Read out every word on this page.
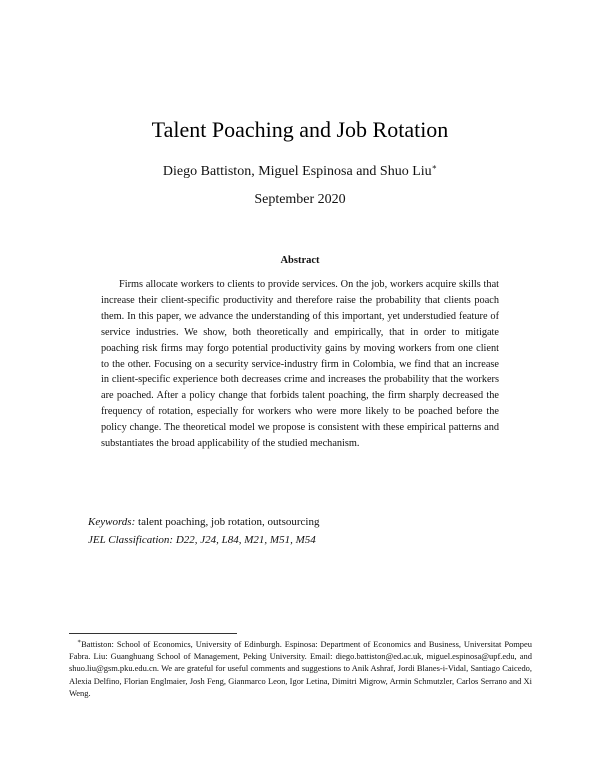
Talent Poaching and Job Rotation
Diego Battiston, Miguel Espinosa and Shuo Liu∗
September 2020
Abstract

Firms allocate workers to clients to provide services. On the job, workers acquire skills that increase their client-specific productivity and therefore raise the probability that clients poach them. In this paper, we advance the understanding of this important, yet understudied feature of service industries. We show, both theoretically and empirically, that in order to mitigate poaching risk firms may forgo potential productivity gains by moving workers from one client to the other. Focusing on a security service-industry firm in Colombia, we find that an increase in client-specific experience both decreases crime and increases the probability that the workers are poached. After a policy change that forbids talent poaching, the firm sharply decreased the frequency of rotation, especially for workers who were more likely to be poached before the policy change. The theoretical model we propose is consistent with these empirical patterns and substantiates the broad applicability of the studied mechanism.

Keywords: talent poaching, job rotation, outsourcing
JEL Classification: D22, J24, L84, M21, M51, M54

∗Battiston: School of Economics, University of Edinburgh. Espinosa: Department of Economics and Business, Universitat Pompeu Fabra. Liu: Guanghuang School of Management, Peking University. Email: diego.battiston@ed.ac.uk, miguel.espinosa@upf.edu, and shuo.liu@gsm.pku.edu.cn. We are grateful for useful comments and suggestions to Anik Ashraf, Jordi Blanes-i-Vidal, Santiago Caicedo, Alexia Delfino, Florian Englmaier, Josh Feng, Gianmarco Leon, Igor Letina, Dimitri Migrow, Armin Schmutzler, Carlos Serrano and Xi Weng.
